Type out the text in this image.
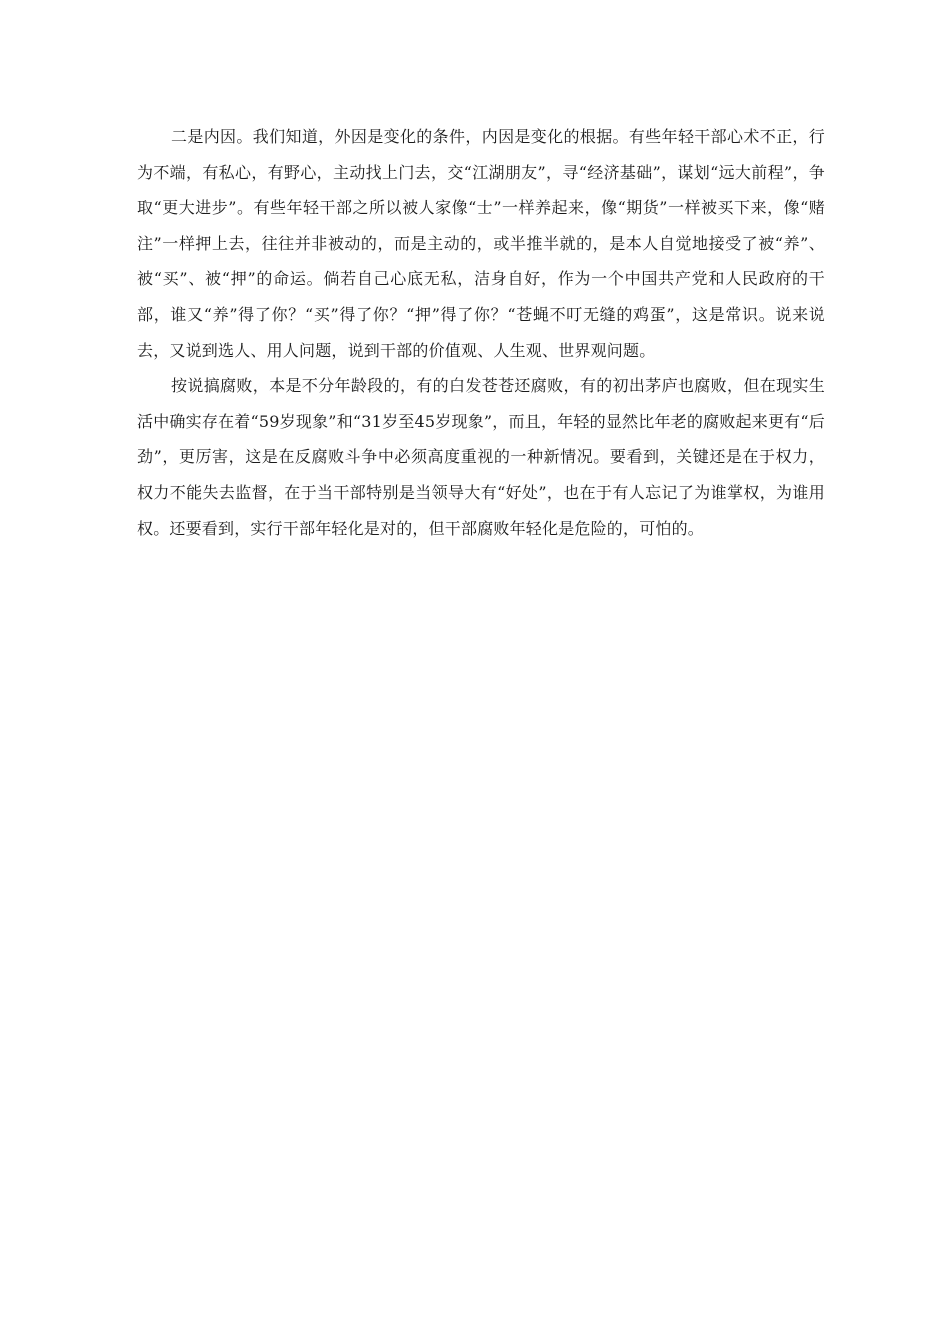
二是内因。我们知道，外因是变化的条件，内因是变化的根据。有些年轻干部心术不正，行为不端，有私心，有野心，主动找上门去，交“江湖朋友”，寻“经济基础”，谋划“远大前程”，争取“更大进步”。有些年轻干部之所以被人家像“士”一样养起来，像“期货”一样被买下来，像“赌注”一样押上去，往往并非被动的，而是主动的，或半推半就的，是本人自觉地接受了被“养”、被“买”、被“押”的命运。倘若自己心底无私，洁身自好，作为一个中国共产党和人民政府的干部，谁又“养”得了你？“买”得了你？“押”得了你？“苍蝇不叮无缝的鸡蛋”，这是常识。说来说去，又说到选人、用人问题，说到干部的价值观、人生观、世界观问题。

按说搞腐败，本是不分年龄段的，有的白发苍苍还腐败，有的初出茅庐也腐败，但在现实生活中确实存在着“59岁现象”和“31岁至45岁现象”，而且，年轻的显然比年老的腐败起来更有“后劲”，更厉害，这是在反腐败斗争中必须高度重视的一种新情况。要看到，关键还是在于权力，权力不能失去监督，在于当干部特别是当领导大有“好处”，也在于有人忘记了为谁掌权，为谁用权。还要看到，实行干部年轻化是对的，但干部腐败年轻化是危险的，可怕的。
